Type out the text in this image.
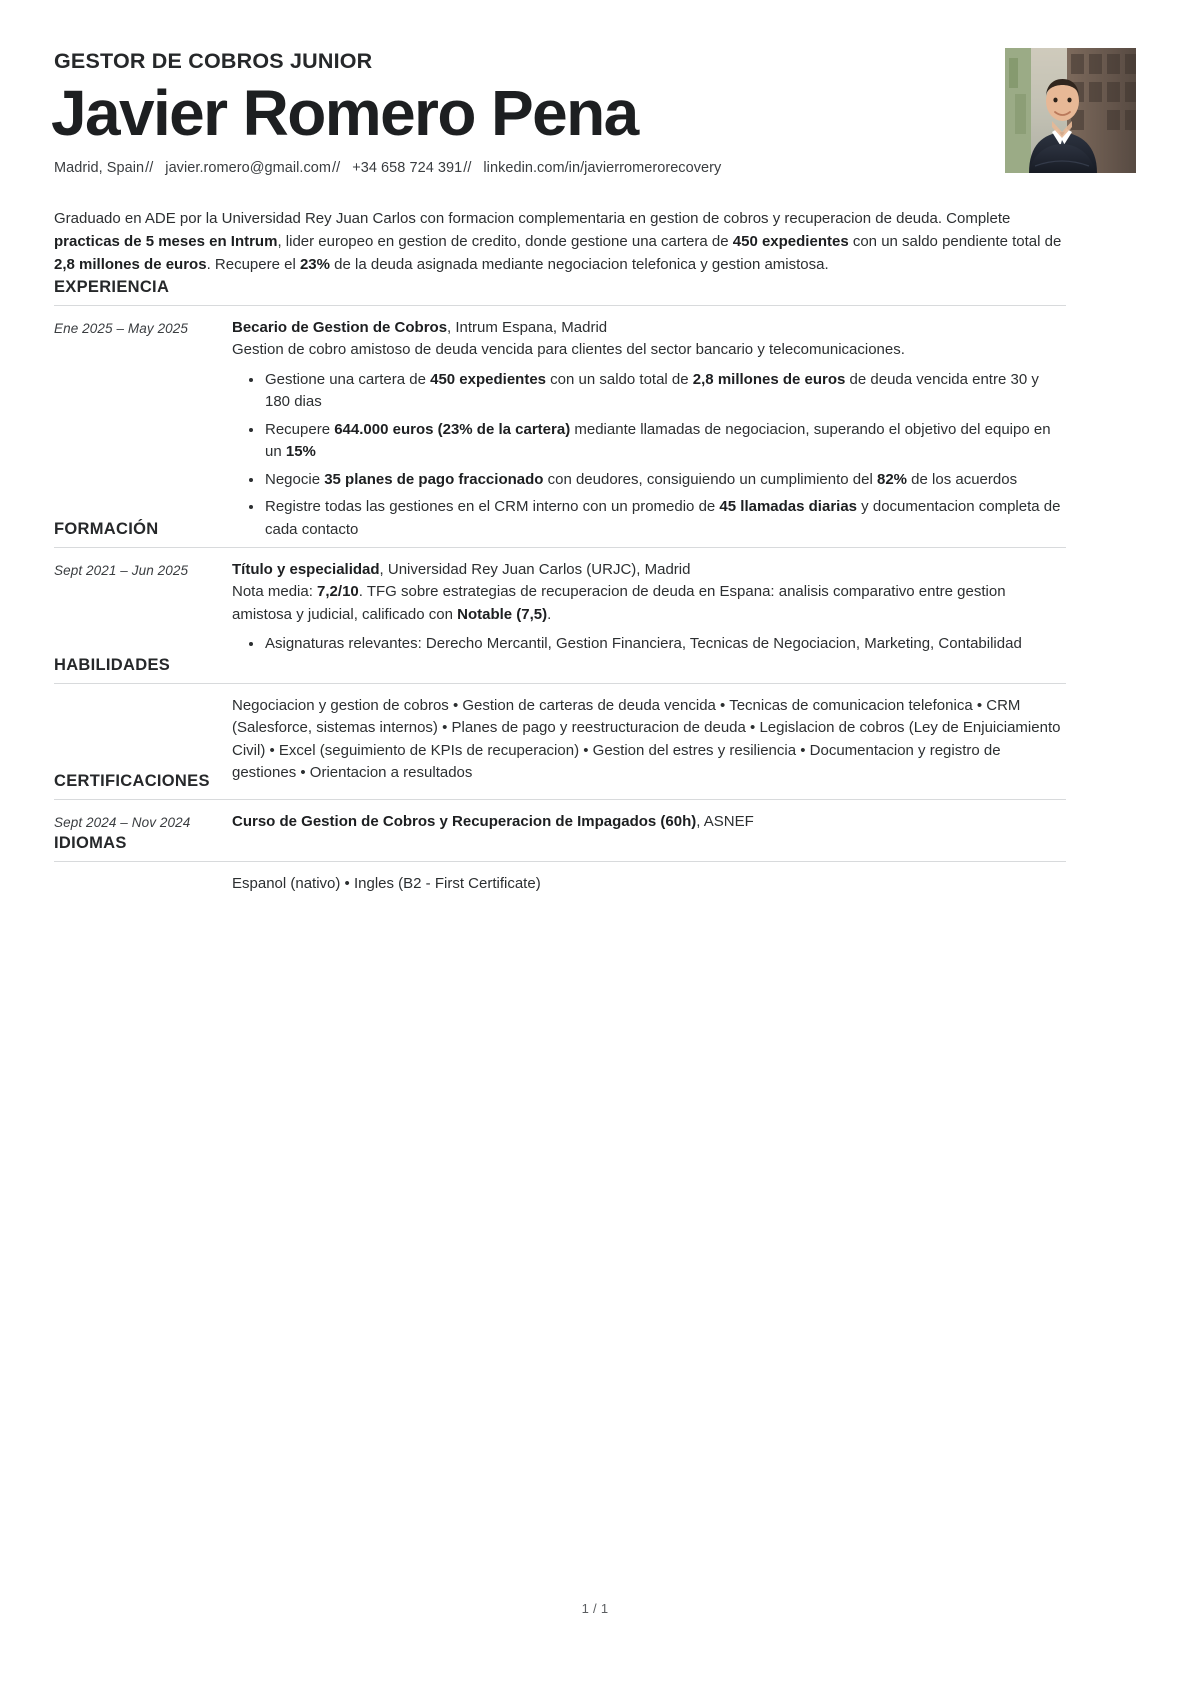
GESTOR DE COBROS JUNIOR
Javier Romero Pena
Madrid, Spain// javier.romero@gmail.com// +34 658 724 391// linkedin.com/in/javierromerorecovery
Graduado en ADE por la Universidad Rey Juan Carlos con formacion complementaria en gestion de cobros y recuperacion de deuda. Complete practicas de 5 meses en Intrum, lider europeo en gestion de credito, donde gestione una cartera de 450 expedientes con un saldo pendiente total de 2,8 millones de euros. Recupere el 23% de la deuda asignada mediante negociacion telefonica y gestion amistosa.
EXPERIENCIA
Ene 2025 – May 2025	Becario de Gestion de Cobros, Intrum Espana, Madrid
Gestion de cobro amistoso de deuda vencida para clientes del sector bancario y telecomunicaciones.
Gestione una cartera de 450 expedientes con un saldo total de 2,8 millones de euros de deuda vencida entre 30 y 180 dias
Recupere 644.000 euros (23% de la cartera) mediante llamadas de negociacion, superando el objetivo del equipo en un 15%
Negocie 35 planes de pago fraccionado con deudores, consiguiendo un cumplimiento del 82% de los acuerdos
Registre todas las gestiones en el CRM interno con un promedio de 45 llamadas diarias y documentacion completa de cada contacto
FORMACIÓN
Sept 2021 – Jun 2025	Título y especialidad, Universidad Rey Juan Carlos (URJC), Madrid
Nota media: 7,2/10. TFG sobre estrategias de recuperacion de deuda en Espana: analisis comparativo entre gestion amistosa y judicial, calificado con Notable (7,5).
Asignaturas relevantes: Derecho Mercantil, Gestion Financiera, Tecnicas de Negociacion, Marketing, Contabilidad
HABILIDADES
Negociacion y gestion de cobros • Gestion de carteras de deuda vencida • Tecnicas de comunicacion telefonica • CRM (Salesforce, sistemas internos) • Planes de pago y reestructuracion de deuda • Legislacion de cobros (Ley de Enjuiciamiento Civil) • Excel (seguimiento de KPIs de recuperacion) • Gestion del estres y resiliencia • Documentacion y registro de gestiones • Orientacion a resultados
CERTIFICACIONES
Sept 2024 – Nov 2024	Curso de Gestion de Cobros y Recuperacion de Impagados (60h), ASNEF
IDIOMAS
Espanol (nativo) • Ingles (B2 - First Certificate)
1 / 1
